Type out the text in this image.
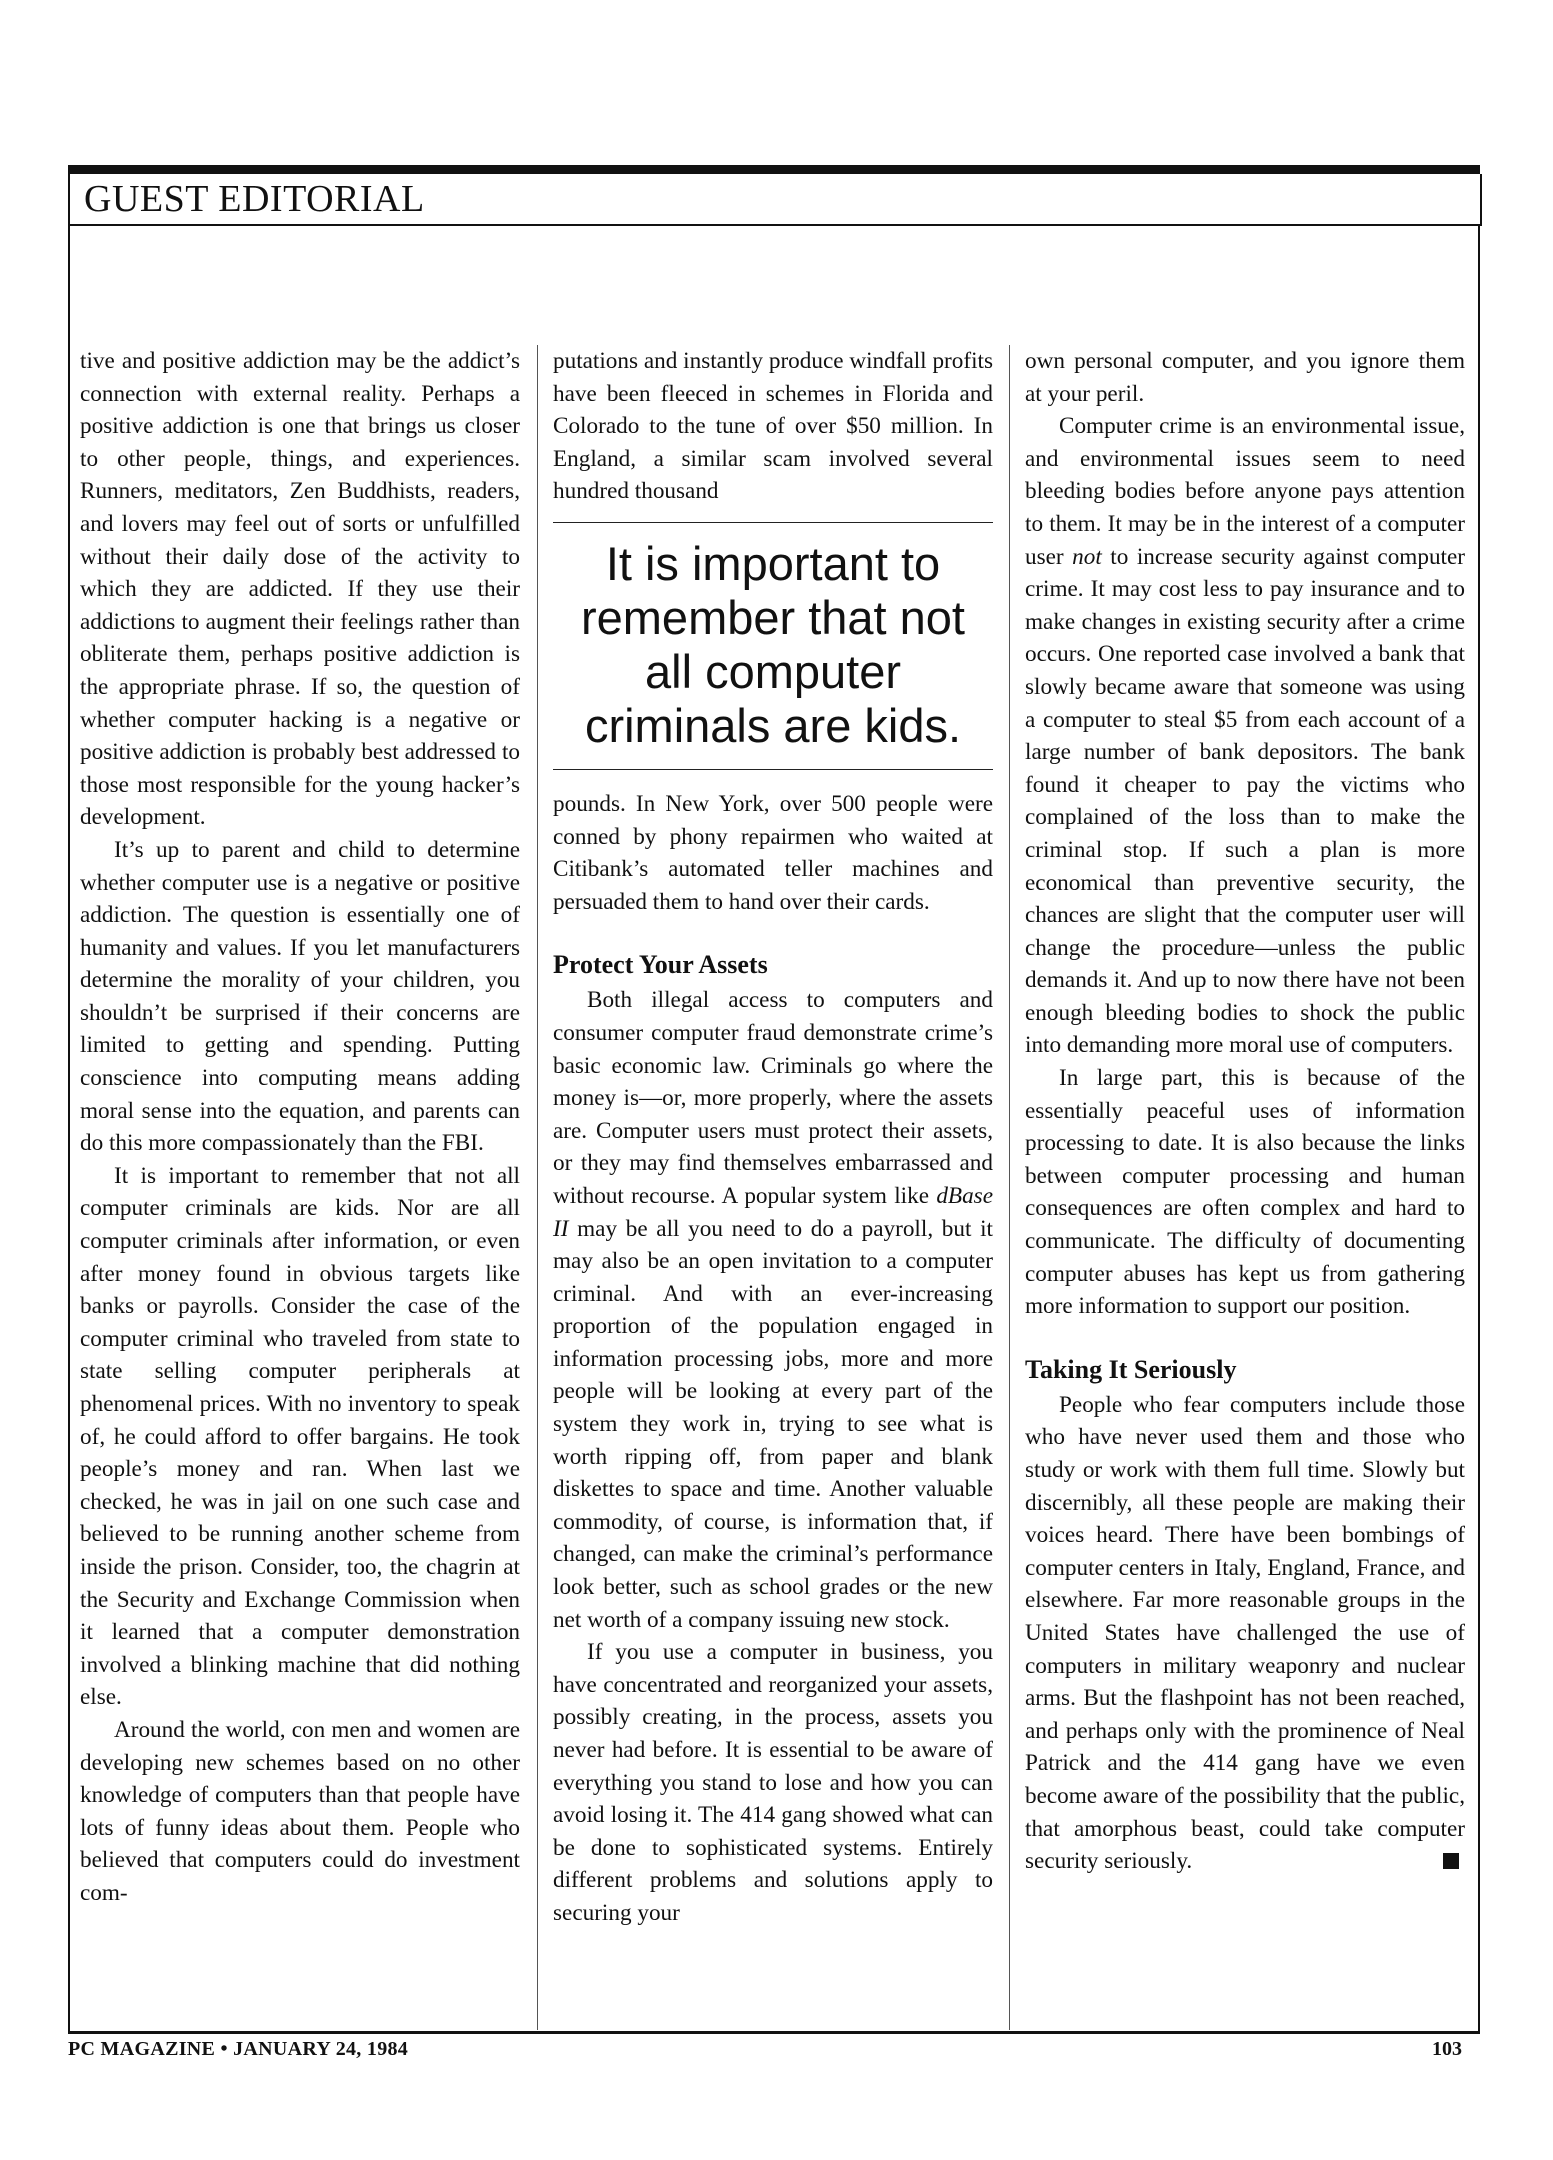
GUEST EDITORIAL

tive and positive addiction may be the addict’s connection with external reality. Perhaps a positive addiction is one that brings us closer to other people, things, and experiences. Runners, meditators, Zen Buddhists, readers, and lovers may feel out of sorts or unfulfilled without their daily dose of the activity to which they are addicted. If they use their addictions to augment their feelings rather than obliterate them, perhaps positive addiction is the appropriate phrase. If so, the question of whether computer hacking is a negative or positive addiction is probably best addressed to those most responsible for the young hacker’s development.

It’s up to parent and child to determine whether computer use is a negative or positive addiction. The question is essentially one of humanity and values. If you let manufacturers determine the morality of your children, you shouldn’t be surprised if their concerns are limited to getting and spending. Putting conscience into computing means adding moral sense into the equation, and parents can do this more compassionately than the FBI.

It is important to remember that not all computer criminals are kids. Nor are all computer criminals after information, or even after money found in obvious targets like banks or payrolls. Consider the case of the computer criminal who traveled from state to state selling computer peripherals at phenomenal prices. With no inventory to speak of, he could afford to offer bargains. He took people’s money and ran. When last we checked, he was in jail on one such case and believed to be running another scheme from inside the prison. Consider, too, the chagrin at the Security and Exchange Commission when it learned that a computer demonstration involved a blinking machine that did nothing else.

Around the world, con men and women are developing new schemes based on no other knowledge of computers than that people have lots of funny ideas about them. People who believed that computers could do investment com-

putations and instantly produce windfall profits have been fleeced in schemes in Florida and Colorado to the tune of over $50 million. In England, a similar scam involved several hundred thousand

It is important to remember that not all computer criminals are kids.

pounds. In New York, over 500 people were conned by phony repairmen who waited at Citibank’s automated teller machines and persuaded them to hand over their cards.

Protect Your Assets

Both illegal access to computers and consumer computer fraud demonstrate crime’s basic economic law. Criminals go where the money is—or, more properly, where the assets are. Computer users must protect their assets, or they may find themselves embarrassed and without recourse. A popular system like dBase II may be all you need to do a payroll, but it may also be an open invitation to a computer criminal. And with an ever-increasing proportion of the population engaged in information processing jobs, more and more people will be looking at every part of the system they work in, trying to see what is worth ripping off, from paper and blank diskettes to space and time. Another valuable commodity, of course, is information that, if changed, can make the criminal’s performance look better, such as school grades or the new net worth of a company issuing new stock.

If you use a computer in business, you have concentrated and reorganized your assets, possibly creating, in the process, assets you never had before. It is essential to be aware of everything you stand to lose and how you can avoid losing it. The 414 gang showed what can be done to sophisticated systems. Entirely different problems and solutions apply to securing your

own personal computer, and you ignore them at your peril.

Computer crime is an environmental issue, and environmental issues seem to need bleeding bodies before anyone pays attention to them. It may be in the interest of a computer user not to increase security against computer crime. It may cost less to pay insurance and to make changes in existing security after a crime occurs. One reported case involved a bank that slowly became aware that someone was using a computer to steal $5 from each account of a large number of bank depositors. The bank found it cheaper to pay the victims who complained of the loss than to make the criminal stop. If such a plan is more economical than preventive security, the chances are slight that the computer user will change the procedure—unless the public demands it. And up to now there have not been enough bleeding bodies to shock the public into demanding more moral use of computers.

In large part, this is because of the essentially peaceful uses of information processing to date. It is also because the links between computer processing and human consequences are often complex and hard to communicate. The difficulty of documenting computer abuses has kept us from gathering more information to support our position.

Taking It Seriously

People who fear computers include those who have never used them and those who study or work with them full time. Slowly but discernibly, all these people are making their voices heard. There have been bombings of computer centers in Italy, England, France, and elsewhere. Far more reasonable groups in the United States have challenged the use of computers in military weaponry and nuclear arms. But the flashpoint has not been reached, and perhaps only with the prominence of Neal Patrick and the 414 gang have we even become aware of the possibility that the public, that amorphous beast, could take computer security seriously.

PC MAGAZINE • JANUARY 24, 1984	103
